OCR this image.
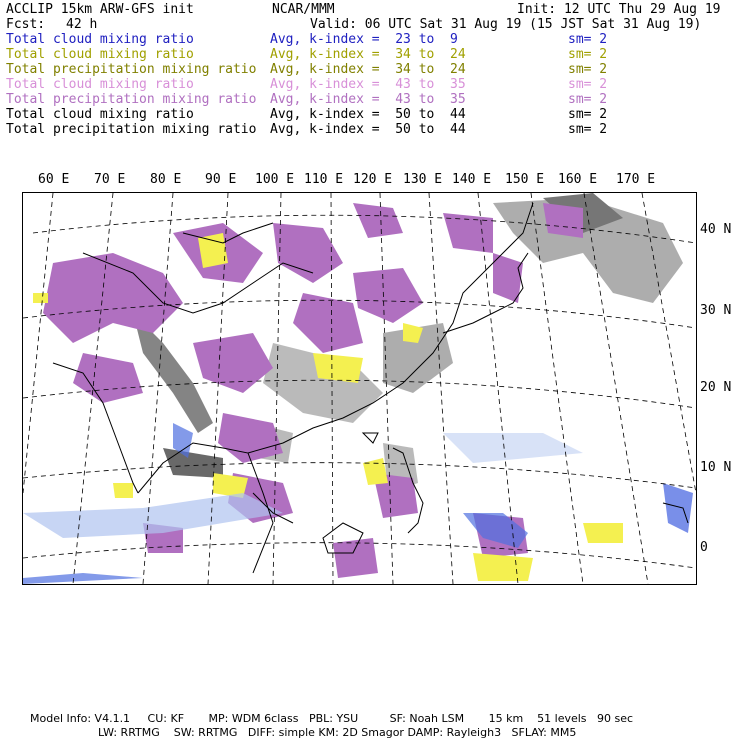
ACCLIP 15km ARW-GFS init	NCAR/MMM	Init: 12 UTC Thu 29 Aug 19
Fcst: 42 h	Valid: 06 UTC Sat 31 Aug 19 (15 JST Sat 31 Aug 19)
Total cloud mixing ratio	Avg, k-index =  23 to  9	sm= 2
Total cloud mixing ratio	Avg, k-index =  34 to  24	sm= 2
Total precipitation mixing ratio Avg, k-index =  34 to  24	sm= 2
Total cloud mixing ratio	Avg, k-index =  43 to  35	sm= 2
Total precipitation mixing ratio Avg, k-index =  43 to  35	sm= 2
Total cloud mixing ratio	Avg, k-index =  50 to  44	sm= 2
Total precipitation mixing ratio Avg, k-index =  50 to  44	sm= 2
60 E 70 E 80 E 90 E 100 E 110 E 120 E 130 E 140 E 150 E 160 E 170 E
40 N
30 N
20 N
10 N
0
Model Info: V4.1.1     CU: KF       MP: WDM 6class   PBL: YSU         SF: Noah LSM       15 km    51 levels   90 sec
LW: RRTMG    SW: RRTMG   DIFF: simple KM: 2D Smagor DAMP: Rayleigh3   SFLAY: MM5
